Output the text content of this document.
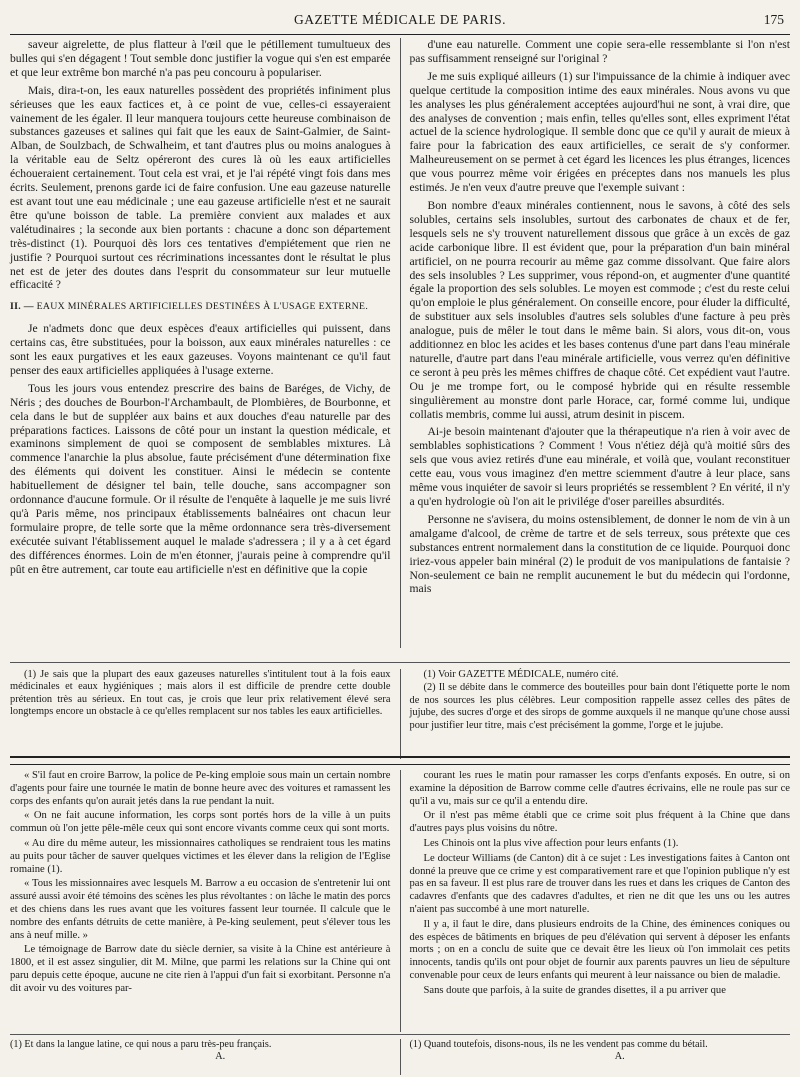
GAZETTE MÉDICALE DE PARIS.	175

saveur aigrelette, de plus flatteur à l'œil que le pétillement tumultueux des bulles qui s'en dégagent ! Tout semble donc justifier la vogue qui s'en est emparée et que leur extrême bon marché n'a pas peu concouru à populariser.

Mais, dira-t-on, les eaux naturelles possèdent des propriétés infiniment plus sérieuses que les eaux factices et, à ce point de vue, celles-ci essayeraient vainement de les égaler. Il leur manquera toujours cette heureuse combinaison de substances gazeuses et salines qui fait que les eaux de Saint-Galmier, de Saint-Alban, de Soulzbach, de Schwalheim, et tant d'autres plus ou moins analogues à la véritable eau de Seltz opéreront des cures là où les eaux artificielles échoueraient certainement. Tout cela est vrai, et je l'ai répété vingt fois dans mes écrits. Seulement, prenons garde ici de faire confusion. Une eau gazeuse naturelle est avant tout une eau médicinale ; une eau gazeuse artificielle n'est et ne saurait être qu'une boisson de table. La première convient aux malades et aux valétudinaires ; la seconde aux bien portants : chacune a donc son département très-distinct (1). Pourquoi dès lors ces tentatives d'empiétement que rien ne justifie ? Pourquoi surtout ces récriminations incessantes dont le résultat le plus net est de jeter des doutes dans l'esprit du consommateur sur leur mutuelle efficacité ?

II. — EAUX MINÉRALES ARTIFICIELLES DESTINÉES À L'USAGE EXTERNE.

Je n'admets donc que deux espèces d'eaux artificielles qui puissent, dans certains cas, être substituées, pour la boisson, aux eaux minérales naturelles : ce sont les eaux purgatives et les eaux gazeuses. Voyons maintenant ce qu'il faut penser des eaux artificielles appliquées à l'usage externe.

Tous les jours vous entendez prescrire des bains de Baréges, de Vichy, de Néris ; des douches de Bourbon-l'Archambault, de Plombières, de Bourbonne, et cela dans le but de suppléer aux bains et aux douches d'eau naturelle par des préparations factices. Laissons de côté pour un instant la question médicale, et examinons simplement de quoi se composent de semblables mixtures. Là commence l'anarchie la plus absolue, faute précisément d'une détermination fixe des éléments qui doivent les constituer. Ainsi le médecin se contente habituellement de désigner tel bain, telle douche, sans accompagner son ordonnance d'aucune formule. Or il résulte de l'enquête à laquelle je me suis livré qu'à Paris même, nos principaux établissements balnéaires ont chacun leur formulaire propre, de telle sorte que la même ordonnance sera très-diversement exécutée suivant l'établissement auquel le malade s'adressera ; il y a à cet égard des différences énormes. Loin de m'en étonner, j'aurais peine à comprendre qu'il pût en être autrement, car toute eau artificielle n'est en définitive que la copie

d'une eau naturelle. Comment une copie sera-elle ressemblante si l'on n'est pas suffisamment renseigné sur l'original ?

Je me suis expliqué ailleurs (1) sur l'impuissance de la chimie à indiquer avec quelque certitude la composition intime des eaux minérales. Nous avons vu que les analyses les plus généralement acceptées aujourd'hui ne sont, à vrai dire, que des analyses de convention ; mais enfin, telles qu'elles sont, elles expriment l'état actuel de la science hydrologique. Il semble donc que ce qu'il y aurait de mieux à faire pour la fabrication des eaux artificielles, ce serait de s'y conformer. Malheureusement on se permet à cet égard les licences les plus étranges, licences que vous pourrez même voir érigées en préceptes dans nos manuels les plus estimés. Je n'en veux d'autre preuve que l'exemple suivant :

Bon nombre d'eaux minérales contiennent, nous le savons, à côté des sels solubles, certains sels insolubles, surtout des carbonates de chaux et de fer, lesquels sels ne s'y trouvent naturellement dissous que grâce à un excès de gaz acide carbonique libre. Il est évident que, pour la préparation d'un bain minéral artificiel, on ne pourra recourir au même gaz comme dissolvant. Que faire alors des sels insolubles ? Les supprimer, vous répond-on, et augmenter d'une quantité égale la proportion des sels solubles. Le moyen est commode ; c'est du reste celui qu'on emploie le plus généralement. On conseille encore, pour éluder la difficulté, de substituer aux sels insolubles d'autres sels solubles d'une facture à peu près analogue, puis de mêler le tout dans le même bain. Si alors, vous dit-on, vous additionnez en bloc les acides et les bases contenus d'une part dans l'eau minérale naturelle, d'autre part dans l'eau minérale artificielle, vous verrez qu'en définitive ce seront à peu près les mêmes chiffres de chaque côté. Cet expédient vaut l'autre. Ou je me trompe fort, ou le composé hybride qui en résulte ressemble singulièrement au monstre dont parle Horace, car, formé comme lui, undique collatis membris, comme lui aussi, atrum desinit in piscem.

Ai-je besoin maintenant d'ajouter que la thérapeutique n'a rien à voir avec de semblables sophistications ? Comment ! Vous n'étiez déjà qu'à moitié sûrs des sels que vous aviez retirés d'une eau minérale, et voilà que, voulant reconstituer cette eau, vous vous imaginez d'en mettre sciemment d'autre à leur place, sans même vous inquiéter de savoir si leurs propriétés se ressemblent ? En vérité, il n'y a qu'en hydrologie où l'on ait le privilége d'oser pareilles absurdités.

Personne ne s'avisera, du moins ostensiblement, de donner le nom de vin à un amalgame d'alcool, de crème de tartre et de sels terreux, sous prétexte que ces substances entrent normalement dans la constitution de ce liquide. Pourquoi donc iriez-vous appeler bain minéral (2) le produit de vos manipulations de fantaisie ? Non-seulement ce bain ne remplit aucunement le but du médecin qui l'ordonne, mais

(1) Je sais que la plupart des eaux gazeuses naturelles s'intitulent tout à la fois eaux médicinales et eaux hygiéniques ; mais alors il est difficile de prendre cette double prétention très au sérieux. En tout cas, je crois que leur prix relativement élevé sera longtemps encore un obstacle à ce qu'elles remplacent sur nos tables les eaux artificielles.

(1) Voir GAZETTE MÉDICALE, numéro cité.

(2) Il se débite dans le commerce des bouteilles pour bain dont l'étiquette porte le nom de nos sources les plus célèbres. Leur composition rappelle assez celles des pâtes de jujube, des sucres d'orge et des sirops de gomme auxquels il ne manque qu'une chose aussi pour justifier leur titre, mais c'est précisément la gomme, l'orge et le jujube.

« S'il faut en croire Barrow, la police de Pe-king emploie sous main un certain nombre d'agents pour faire une tournée le matin de bonne heure avec des voitures et ramassent les corps des enfants qu'on aurait jetés dans la rue pendant la nuit.

« On ne fait aucune information, les corps sont portés hors de la ville à un puits commun où l'on jette pêle-mêle ceux qui sont encore vivants comme ceux qui sont morts.

« Au dire du même auteur, les missionnaires catholiques se rendraient tous les matins au puits pour tâcher de sauver quelques victimes et les élever dans la religion de l'Eglise romaine (1).

« Tous les missionnaires avec lesquels M. Barrow a eu occasion de s'entretenir lui ont assuré aussi avoir été témoins des scènes les plus révoltantes : on lâche le matin des porcs et des chiens dans les rues avant que les voitures fassent leur tournée. Il calcule que le nombre des enfants détruits de cette manière, à Pe-king seulement, peut s'élever tous les ans à neuf mille. »

Le témoignage de Barrow date du siècle dernier, sa visite à la Chine est antérieure à 1800, et il est assez singulier, dit M. Milne, que parmi les relations sur la Chine qui ont paru depuis cette époque, aucune ne cite rien à l'appui d'un fait si exorbitant. Personne n'a dit avoir vu des voitures par-

courant les rues le matin pour ramasser les corps d'enfants exposés. En outre, si on examine la déposition de Barrow comme celle d'autres écrivains, elle ne roule pas sur ce qu'il a vu, mais sur ce qu'il a entendu dire.

Or il n'est pas même établi que ce crime soit plus fréquent à la Chine que dans d'autres pays plus voisins du nôtre.

Les Chinois ont la plus vive affection pour leurs enfants (1).

Le docteur Williams (de Canton) dit à ce sujet : Les investigations faites à Canton ont donné la preuve que ce crime y est comparativement rare et que l'opinion publique n'y est pas en sa faveur. Il est plus rare de trouver dans les rues et dans les criques de Canton des cadavres d'enfants que des cadavres d'adultes, et rien ne dit que les uns ou les autres n'aient pas succombé à une mort naturelle.

Il y a, il faut le dire, dans plusieurs endroits de la Chine, des éminences coniques ou des espèces de bâtiments en briques de peu d'élévation qui servent à déposer les enfants morts ; on en a conclu de suite que ce devait être les lieux où l'on immolait ces petits innocents, tandis qu'ils ont pour objet de fournir aux parents pauvres un lieu de sépulture convenable pour ceux de leurs enfants qui meurent à leur naissance ou bien de maladie.

Sans doute que parfois, à la suite de grandes disettes, il a pu arriver que

(1) Et dans la langue latine, ce qui nous a paru très-peu français.
A.
(1) Quand toutefois, disons-nous, ils ne les vendent pas comme du bétail.
A.
